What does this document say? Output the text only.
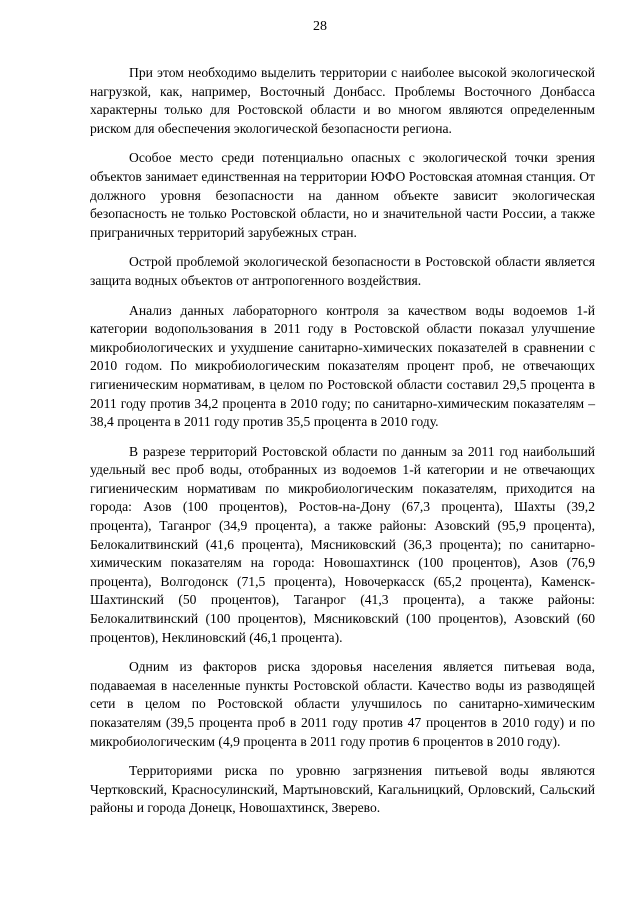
28

При этом необходимо выделить территории с наиболее высокой экологической нагрузкой, как, например, Восточный Донбасс. Проблемы Восточного Донбасса характерны только для Ростовской области и во многом являются определенным риском для обеспечения экологической безопасности региона.

Особое место среди потенциально опасных с экологической точки зрения объектов занимает единственная на территории ЮФО Ростовская атомная станция. От должного уровня безопасности на данном объекте зависит экологическая безопасность не только Ростовской области, но и значительной части России, а также приграничных территорий зарубежных стран.

Острой проблемой экологической безопасности в Ростовской области является защита водных объектов от антропогенного воздействия.

Анализ данных лабораторного контроля за качеством воды водоемов 1-й категории водопользования в 2011 году в Ростовской области показал улучшение микробиологических и ухудшение санитарно-химических показателей в сравнении с 2010 годом. По микробиологическим показателям процент проб, не отвечающих гигиеническим нормативам, в целом по Ростовской области составил 29,5 процента в 2011 году против 34,2 процента в 2010 году; по санитарно-химическим показателям – 38,4 процента в 2011 году против 35,5 процента в 2010 году.

В разрезе территорий Ростовской области по данным за 2011 год наибольший удельный вес проб воды, отобранных из водоемов 1-й категории и не отвечающих гигиеническим нормативам по микробиологическим показателям, приходится на города: Азов (100 процентов), Ростов-на-Дону (67,3 процента), Шахты (39,2 процента), Таганрог (34,9 процента), а также районы: Азовский (95,9 процента), Белокалитвинский (41,6 процента), Мясниковский (36,3 процента); по санитарно-химическим показателям на города: Новошахтинск (100 процентов), Азов (76,9 процента), Волгодонск (71,5 процента), Новочеркасск (65,2 процента), Каменск-Шахтинский (50 процентов), Таганрог (41,3 процента), а также районы: Белокалитвинский (100 процентов), Мясниковский (100 процентов), Азовский (60 процентов), Неклиновский (46,1 процента).

Одним из факторов риска здоровья населения является питьевая вода, подаваемая в населенные пункты Ростовской области. Качество воды из разводящей сети в целом по Ростовской области улучшилось по санитарно-химическим показателям (39,5 процента проб в 2011 году против 47 процентов в 2010 году) и по микробиологическим (4,9 процента в 2011 году против 6 процентов в 2010 году).

Территориями риска по уровню загрязнения питьевой воды являются Чертковский, Красносулинский, Мартыновский, Кагальницкий, Орловский, Сальский районы и города Донецк, Новошахтинск, Зверево.
